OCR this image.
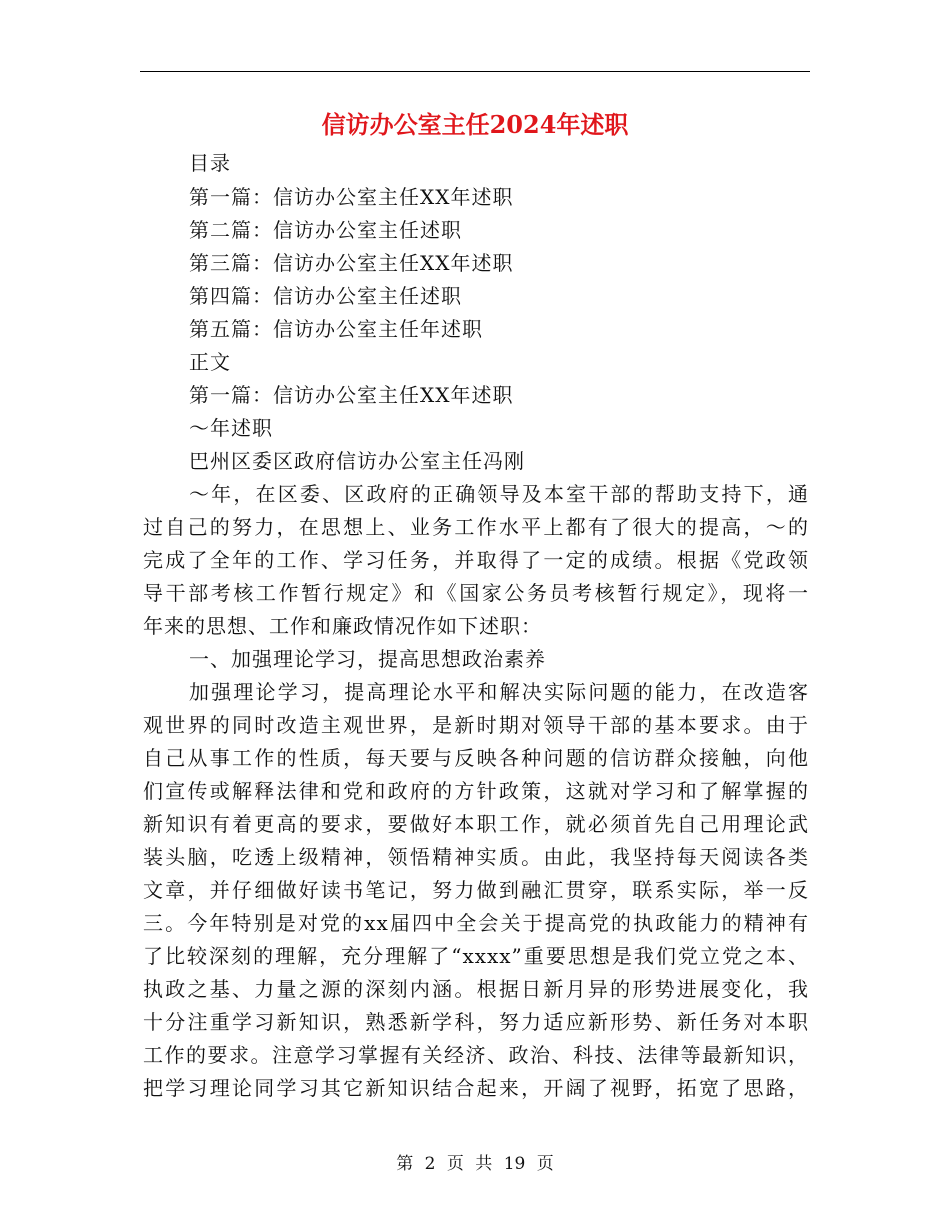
信访办公室主任2024年述职
目录
第一篇：信访办公室主任XX年述职
第二篇：信访办公室主任述职
第三篇：信访办公室主任XX年述职
第四篇：信访办公室主任述职
第五篇：信访办公室主任年述职
正文
第一篇：信访办公室主任XX年述职
～年述职
巴州区委区政府信访办公室主任冯刚
～年，在区委、区政府的正确领导及本室干部的帮助支持下，通
过自己的努力，在思想上、业务工作水平上都有了很大的提高，～的
完成了全年的工作、学习任务，并取得了一定的成绩。根据《党政领
导干部考核工作暂行规定》和《国家公务员考核暂行规定》，现将一
年来的思想、工作和廉政情况作如下述职：
一、加强理论学习，提高思想政治素养
加强理论学习，提高理论水平和解决实际问题的能力，在改造客
观世界的同时改造主观世界，是新时期对领导干部的基本要求。由于
自己从事工作的性质，每天要与反映各种问题的信访群众接触，向他
们宣传或解释法律和党和政府的方针政策，这就对学习和了解掌握的
新知识有着更高的要求，要做好本职工作，就必须首先自己用理论武
装头脑，吃透上级精神，领悟精神实质。由此，我坚持每天阅读各类
文章，并仔细做好读书笔记，努力做到融汇贯穿，联系实际，举一反
三。今年特别是对党的xx届四中全会关于提高党的执政能力的精神有
了比较深刻的理解，充分理解了“xxxx”重要思想是我们党立党之本、
执政之基、力量之源的深刻内涵。根据日新月异的形势进展变化，我
十分注重学习新知识，熟悉新学科，努力适应新形势、新任务对本职
工作的要求。注意学习掌握有关经济、政治、科技、法律等最新知识，
把学习理论同学习其它新知识结合起来，开阔了视野，拓宽了思路，
第 2 页 共 19 页
